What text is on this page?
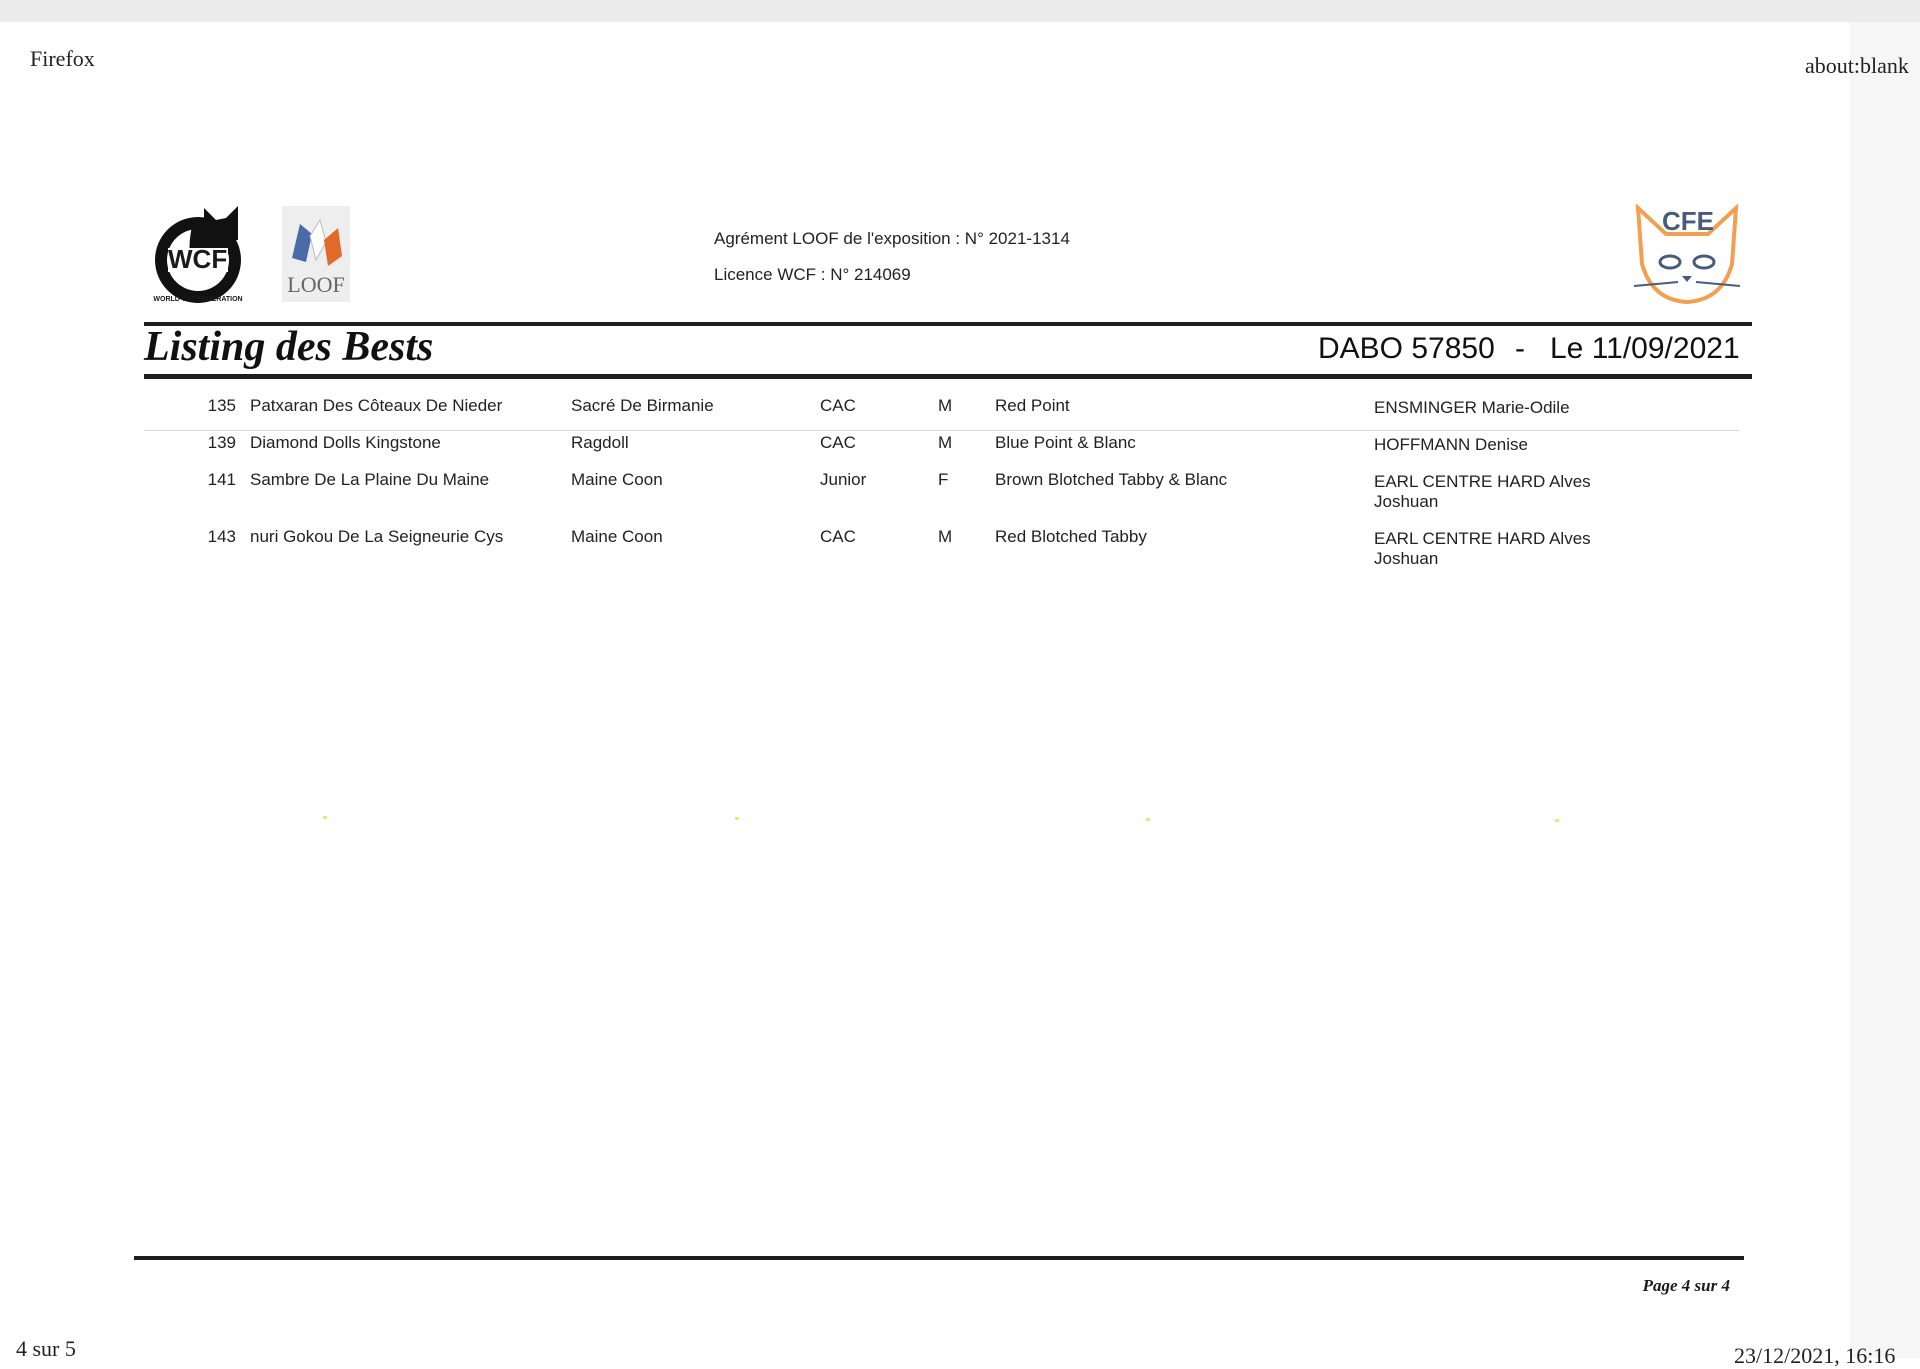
Firefox	about:blank
4 sur 5	23/12/2021, 16:16
WCF
WORLD CAT FEDERATION
LOOF
CFE
Agrément LOOF de l'exposition : N° 2021-1314
Licence WCF : N° 214069
Listing des Bests	DABO 57850 - Le 11/09/2021
135 Patxaran Des Côteaux De Nieder	Sacré De Birmanie	CAC	M	Red Point	ENSMINGER Marie-Odile
139 Diamond Dolls Kingstone	Ragdoll	CAC	M	Blue Point & Blanc	HOFFMANN Denise
141 Sambre De La Plaine Du Maine	Maine Coon	Junior	F	Brown Blotched Tabby & Blanc	EARL CENTRE HARD Alves Joshuan
143 nuri Gokou De La Seigneurie Cys	Maine Coon	CAC	M	Red Blotched Tabby	EARL CENTRE HARD Alves Joshuan
Page 4 sur 4
